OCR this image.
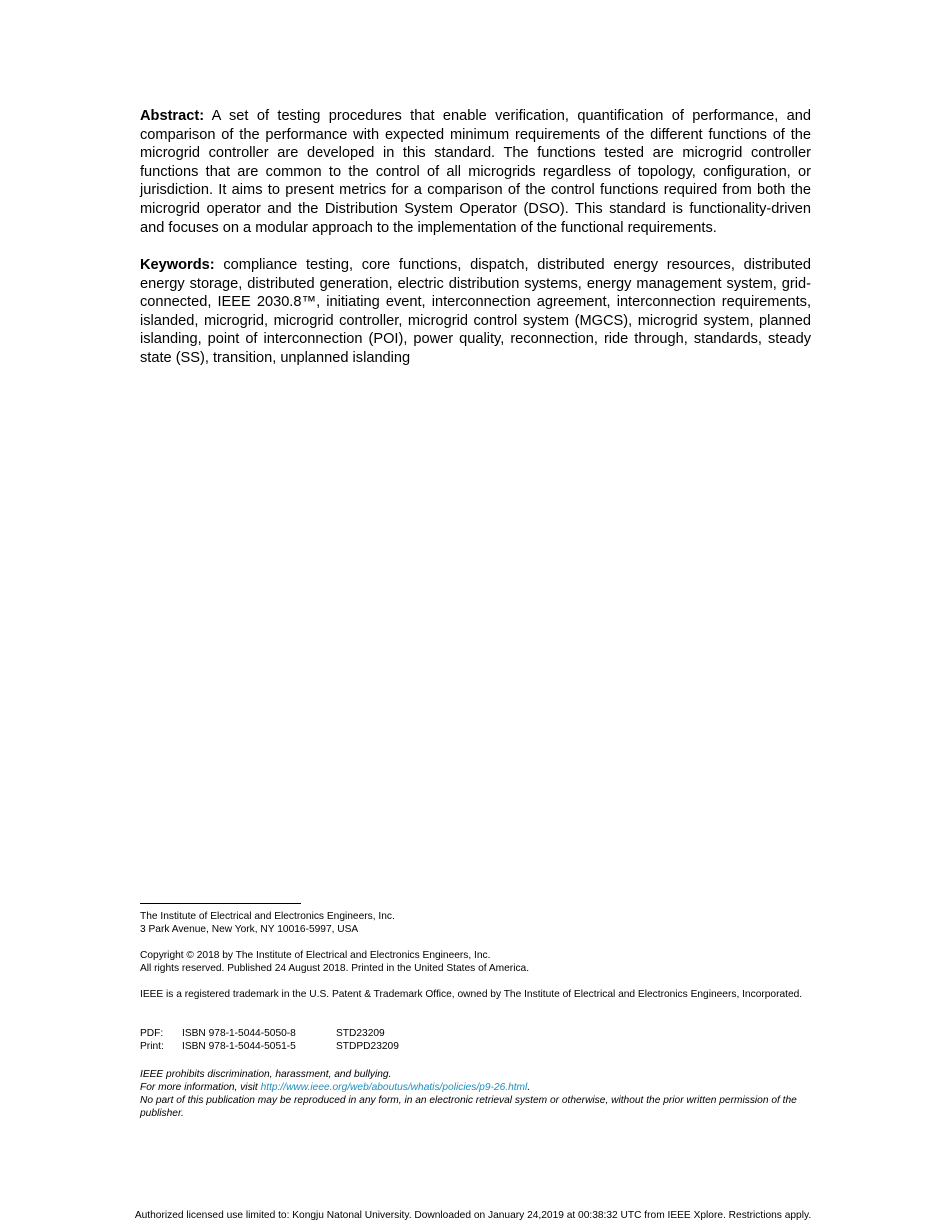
Abstract: A set of testing procedures that enable verification, quantification of performance, and comparison of the performance with expected minimum requirements of the different functions of the microgrid controller are developed in this standard. The functions tested are microgrid controller functions that are common to the control of all microgrids regardless of topology, configuration, or jurisdiction. It aims to present metrics for a comparison of the control functions required from both the microgrid operator and the Distribution System Operator (DSO). This standard is functionality-driven and focuses on a modular approach to the implementation of the functional requirements.

Keywords: compliance testing, core functions, dispatch, distributed energy resources, distributed energy storage, distributed generation, electric distribution systems, energy management system, grid-connected, IEEE 2030.8™, initiating event, interconnection agreement, interconnection requirements, islanded, microgrid, microgrid controller, microgrid control system (MGCS), microgrid system, planned islanding, point of interconnection (POI), power quality, reconnection, ride through, standards, steady state (SS), transition, unplanned islanding

The Institute of Electrical and Electronics Engineers, Inc.

3 Park Avenue, New York, NY 10016-5997, USA

Copyright © 2018 by The Institute of Electrical and Electronics Engineers, Inc.

All rights reserved. Published 24 August 2018. Printed in the United States of America.

IEEE is a registered trademark in the U.S. Patent & Trademark Office, owned by The Institute of Electrical and Electronics Engineers, Incorporated.

PDF:	ISBN 978-1-5044-5050-8	STD23209
Print:	ISBN 978-1-5044-5051-5	STDPD23209

IEEE prohibits discrimination, harassment, and bullying.

For more information, visit http://www.ieee.org/web/aboutus/whatis/policies/p9-26.html.

No part of this publication may be reproduced in any form, in an electronic retrieval system or otherwise, without the prior written permission of the publisher.

Authorized licensed use limited to: Kongju Natonal University. Downloaded on January 24,2019 at 00:38:32 UTC from IEEE Xplore. Restrictions apply.
